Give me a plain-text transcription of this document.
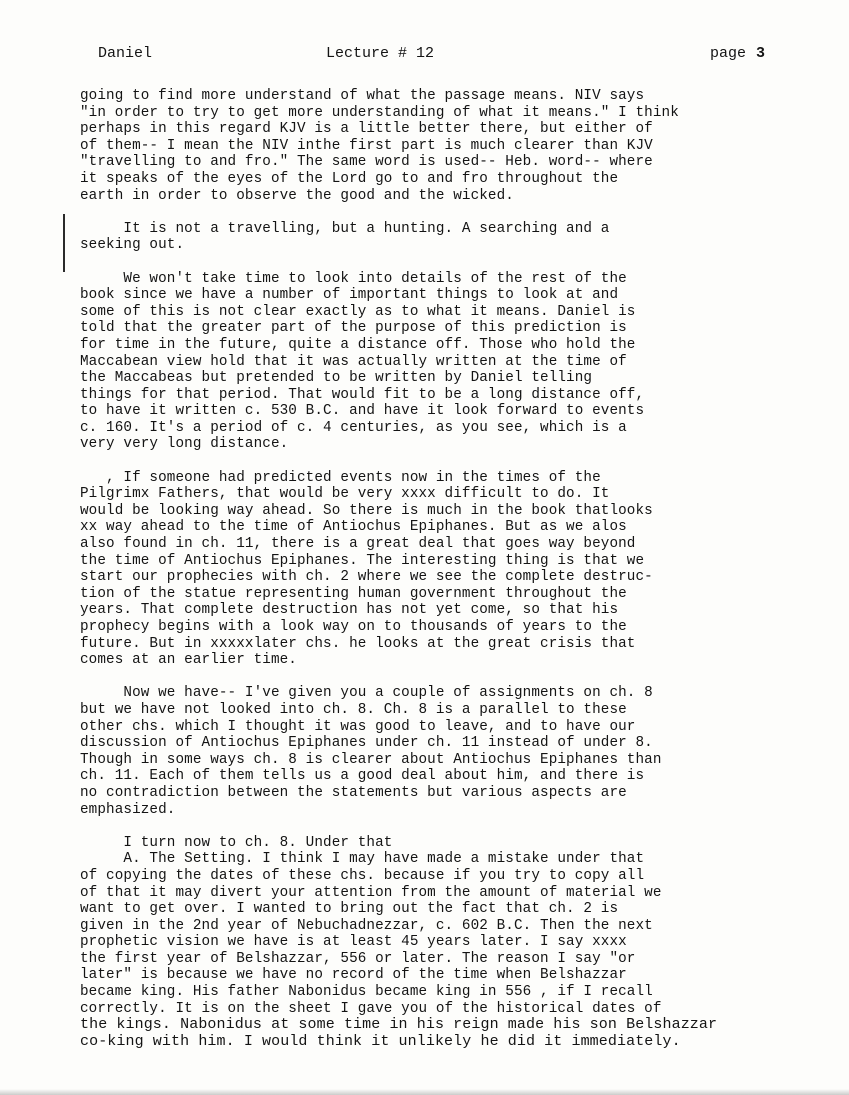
Daniel	Lecture # 12	page 3
going to find more understand of what the passage means. NIV says
"in order to try to get more understanding of what it means." I think
perhaps in this regard KJV is a little better there, but either of
of them-- I mean the NIV inthe first part is much clearer than KJV
"travelling to and fro." The same word is used-- Heb. word-- where
it speaks of the eyes of the Lord go to and fro throughout the
earth in order to observe the good and the wicked.
It is not a travelling, but a hunting. A searching and a
seeking out.
We won't take time to look into details of the rest of the
book since we have a number of important things to look at and
some of this is not clear exactly as to what it means. Daniel is
told that the greater part of the purpose of this prediction is
for time in the future, quite a distance off. Those who hold the
Maccabean view hold that it was actually written at the time of
the Maccabeas but pretended to be written by Daniel telling
things for that period. That would fit to be a long distance off,
to have it written c. 530 B.C. and have it look forward to events
c. 160. It's a period of c. 4 centuries, as you see, which is a
very very long distance.
, If someone had predicted events now in the times of the
Pilgrimx Fathers, that would be very xxxx difficult to do. It
would be looking way ahead. So there is much in the book thatlooks
xx way ahead to the time of Antiochus Epiphanes. But as we alos
also found in ch. 11, there is a great deal that goes way beyond
the time of Antiochus Epiphanes. The interesting thing is that we
start our prophecies with ch. 2 where we see the complete destruc-
tion of the statue representing human government throughout the
years. That complete destruction has not yet come, so that his
prophecy begins with a look way on to thousands of years to the
future. But in xxxxxlater chs. he looks at the great crisis that
comes at an earlier time.
Now we have-- I've given you a couple of assignments on ch. 8
but we have not looked into ch. 8. Ch. 8 is a parallel to these
other chs. which I thought it was good to leave, and to have our
discussion of Antiochus Epiphanes under ch. 11 instead of under 8.
Though in some ways ch. 8 is clearer about Antiochus Epiphanes than
ch. 11. Each of them tells us a good deal about him, and there is
no contradiction between the statements but various aspects are
emphasized.
I turn now to ch. 8. Under that
A. The Setting. I think I may have made a mistake under that
of copying the dates of these chs. because if you try to copy all
of that it may divert your attention from the amount of material we
want to get over. I wanted to bring out the fact that ch. 2 is
given in the 2nd year of Nebuchadnezzar, c. 602 B.C. Then the next
prophetic vision we have is at least 45 years later. I say xxxx
the first year of Belshazzar, 556 or later. The reason I say "or
later" is because we have no record of the time when Belshazzar
became king. His father Nabonidus became king in 556 , if I recall
correctly. It is on the sheet I gave you of the historical dates of
the kings. Nabonidus at some time in his reign made his son Belshazzar
co-king with him. I would think it unlikely he did it immediately.
